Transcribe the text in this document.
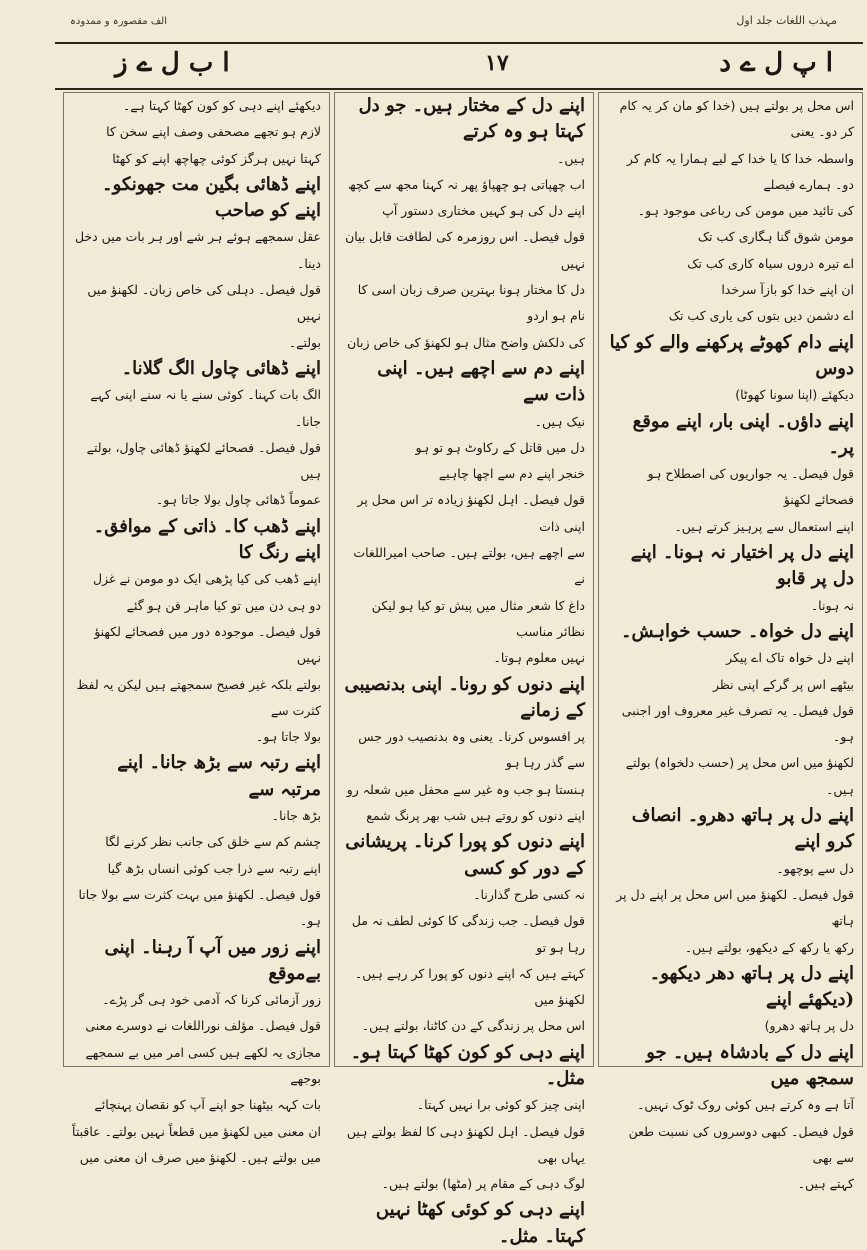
مہذب اللغات جلد اول
الف مقصورہ و ممدودہ
ا پ ل ے د
۱۷
ا ب ل ے ز

اس محل پر بولتے ہیں (خدا کو مان کر یہ کام کر دو۔ یعنی

واسطہ خدا کا یا خدا کے لیے ہمارا یہ کام کر دو۔ ہمارے فیصلے

کی تائید میں مومن کی رباعی موجود ہو۔

مومن شوق گنا ہگاری کب تک

اے تیرہ دروں سیاہ کاری کب تک

ان اپنے خدا کو بازآ سرخدا

اے دشمن دیں بتوں کی یاری کب تک

اپنے دام کھوٹے پرکھنے والے کو کیا دوس

دیکھئے (اپنا سونا کھوٹا)

اپنے داؤں۔ اپنی بار، اپنے موقع پر۔

قول فیصل۔ یہ جواریوں کی اصطلاح ہو فصحائے لکھنؤ

اپنے استعمال سے پرہیز کرتے ہیں۔

اپنے دل پر اختیار نہ ہونا۔ اپنے دل پر قابو

نہ ہونا۔

اپنے دل خواہ۔ حسب خواہش۔

اپنے دل خواہ تاک اے پیکر

بیٹھے اس پر گرکے اپنی نظر

قول فیصل۔ یہ تصرف غیر معروف اور اجنبی ہو۔

لکھنؤ میں اس محل پر (حسب دلخواہ) بولتے ہیں۔

اپنے دل پر ہاتھ دھرو۔ انصاف کرو اپنے

دل سے پوچھو۔

قول فیصل۔ لکھنؤ میں اس محل پر اپنے دل پر ہاتھ

رکھ یا رکھ کے دیکھو، بولتے ہیں۔

اپنے دل پر ہاتھ دھر دیکھو۔ (دیکھئے اپنے

دل پر ہاتھ دھرو)

اپنے دل کے بادشاہ ہیں۔ جو سمجھ میں

آتا ہے وہ کرتے ہیں کوئی روک ٹوک نہیں۔

قول فیصل۔ کبھی دوسروں کی نسبت طعن سے بھی

کہتے ہیں۔

اپنے دل کے مختار ہیں۔ جو دل کہتا ہو وہ کرتے

ہیں۔

اب چھپاتی ہو چھپاؤ پھر نہ کہنا مجھ سے کچھ

اپنے دل کی ہو کہیں مختاری دستور آپ

قول فیصل۔ اس روزمرہ کی لطافت قابل بیان نہیں

دل کا مختار ہونا بہترین صرف زبان اسی کا نام ہو اردو

کی دلکش واضح مثال ہو لکھنؤ کی خاص زبان

اپنے دم سے اچھے ہیں۔ اپنی ذات سے

نیک ہیں۔

دل میں قاتل کے رکاوٹ ہو تو ہو

خنجر اپنے دم سے اچھا چاہیے

قول فیصل۔ اہل لکھنؤ زیادہ تر اس محل پر اپنی ذات

سے اچھے ہیں، بولتے ہیں۔ صاحب امیراللغات نے

داغ کا شعر مثال میں پیش تو کیا ہو لیکن نظائر مناسب

نہیں معلوم ہوتا۔

اپنے دنوں کو رونا۔ اپنی بدنصیبی کے زمانے

پر افسوس کرنا۔ یعنی وہ بدنصیب دور جس سے گذر رہا ہو

ہنستا ہو جب وہ غیر سے محفل میں شعلہ رو

اپنے دنوں کو روتے ہیں شب بھر پرنگ شمع

اپنے دنوں کو پورا کرنا۔ پریشانی کے دور کو کسی

نہ کسی طرح گذارنا۔

قول فیصل۔ جب زندگی کا کوئی لطف نہ مل رہا ہو تو

کہتے ہیں کہ اپنے دنوں کو پورا کر رہے ہیں۔ لکھنؤ میں

اس محل پر زندگی کے دن کاٹنا، بولتے ہیں۔

اپنے دہی کو کون کھٹا کہتا ہو۔ مثل۔

اپنی چیز کو کوئی برا نہیں کہتا۔

قول فیصل۔ اہل لکھنؤ دہی کا لفظ بولتے ہیں یہاں بھی

لوگ دہی کے مقام پر (مٹھا) بولتے ہیں۔

اپنے دہی کو کوئی کھٹا نہیں کہتا۔ مثل۔

دیکھئے اپنے دہی کو کون کھٹا کہتا ہے۔

لازم ہو تجھے مصحفی وصف اپنے سخن کا

کہتا نہیں ہرگز کوئی چھاچھ اپنے کو کھٹا

اپنے ڈھائی بگین مت جھونکو۔ اپنے کو صاحب

عقل سمجھے ہوئے ہر شے اور ہر بات میں دخل دینا۔

قول فیصل۔ دہلی کی خاص زبان۔ لکھنؤ میں نہیں

بولتے۔

اپنے ڈھائی چاول الگ گلانا۔

الگ بات کہنا۔ کوئی سنے یا نہ سنے اپنی کہے جانا۔

قول فیصل۔ فصحائے لکھنؤ ڈھائی چاول، بولتے ہیں

عموماً ڈھائی چاول بولا جاتا ہو۔

اپنے ڈھب کا۔ ذاتی کے موافق۔ اپنے رنگ کا

اپنے ڈھب کی کیا پڑھی ایک دو مومن نے غزل

دو ہی دن میں تو کیا ماہر فن ہو گئے

قول فیصل۔ موجودہ دور میں فصحائے لکھنؤ نہیں

بولتے بلکہ غیر فصیح سمجھتے ہیں لیکن یہ لفظ کثرت سے

بولا جاتا ہو۔

اپنے رتبہ سے بڑھ جانا۔ اپنے مرتبہ سے

بڑھ جانا۔

چشم کم سے خلق کی جانب نظر کرنے لگا

اپنے رتبہ سے ذرا جب کوئی انساں بڑھ گیا

قول فیصل۔ لکھنؤ میں بہت کثرت سے بولا جاتا ہو۔

اپنے زور میں آپ آ رہنا۔ اپنی بےموقع

زور آزمائی کرنا کہ آدمی خود ہی گر پڑے۔

قول فیصل۔ مؤلف نوراللغات نے دوسرے معنی

مجازی یہ لکھے ہیں کسی امر میں بے سمجھے بوجھے

بات کہہ بیٹھنا جو اپنے آپ کو نقصان پہنچائے

ان معنی میں لکھنؤ میں قطعاً نہیں بولتے۔ عاقبتاً

میں بولتے ہیں۔ لکھنؤ میں صرف ان معنی میں
